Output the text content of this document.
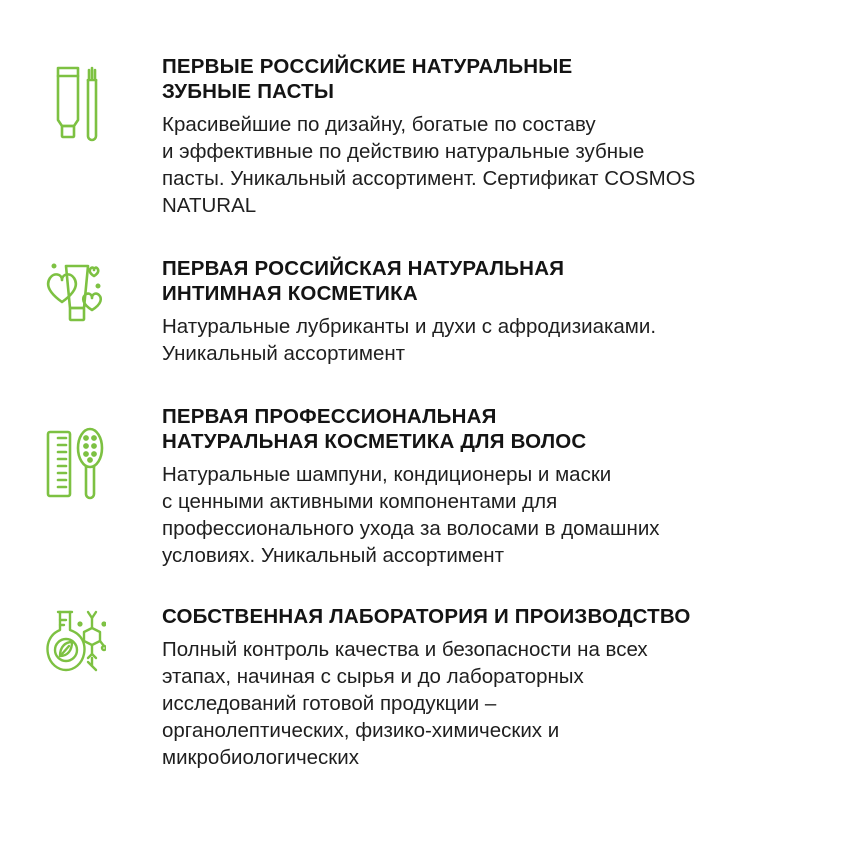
ПЕРВЫЕ РОССИЙСКИЕ НАТУРАЛЬНЫЕ
ЗУБНЫЕ ПАСТЫ
Красивейшие по дизайну, богатые по составу
и эффективные по действию натуральные зубные
пасты. Уникальный ассортимент. Сертификат COSMOS
NATURAL
ПЕРВАЯ РОССИЙСКАЯ НАТУРАЛЬНАЯ
ИНТИМНАЯ КОСМЕТИКА
Натуральные лубриканты и духи с афродизиаками.
Уникальный ассортимент
ПЕРВАЯ ПРОФЕССИОНАЛЬНАЯ
НАТУРАЛЬНАЯ КОСМЕТИКА ДЛЯ ВОЛОС
Натуральные шампуни, кондиционеры и маски
с ценными активными компонентами для
профессионального ухода за волосами в домашних
условиях. Уникальный ассортимент
СОБСТВЕННАЯ ЛАБОРАТОРИЯ И ПРОИЗВОДСТВО
Полный контроль качества и безопасности на всех
этапах, начиная с сырья и до лабораторных
исследований готовой продукции –
органолептических, физико-химических и
микробиологических
